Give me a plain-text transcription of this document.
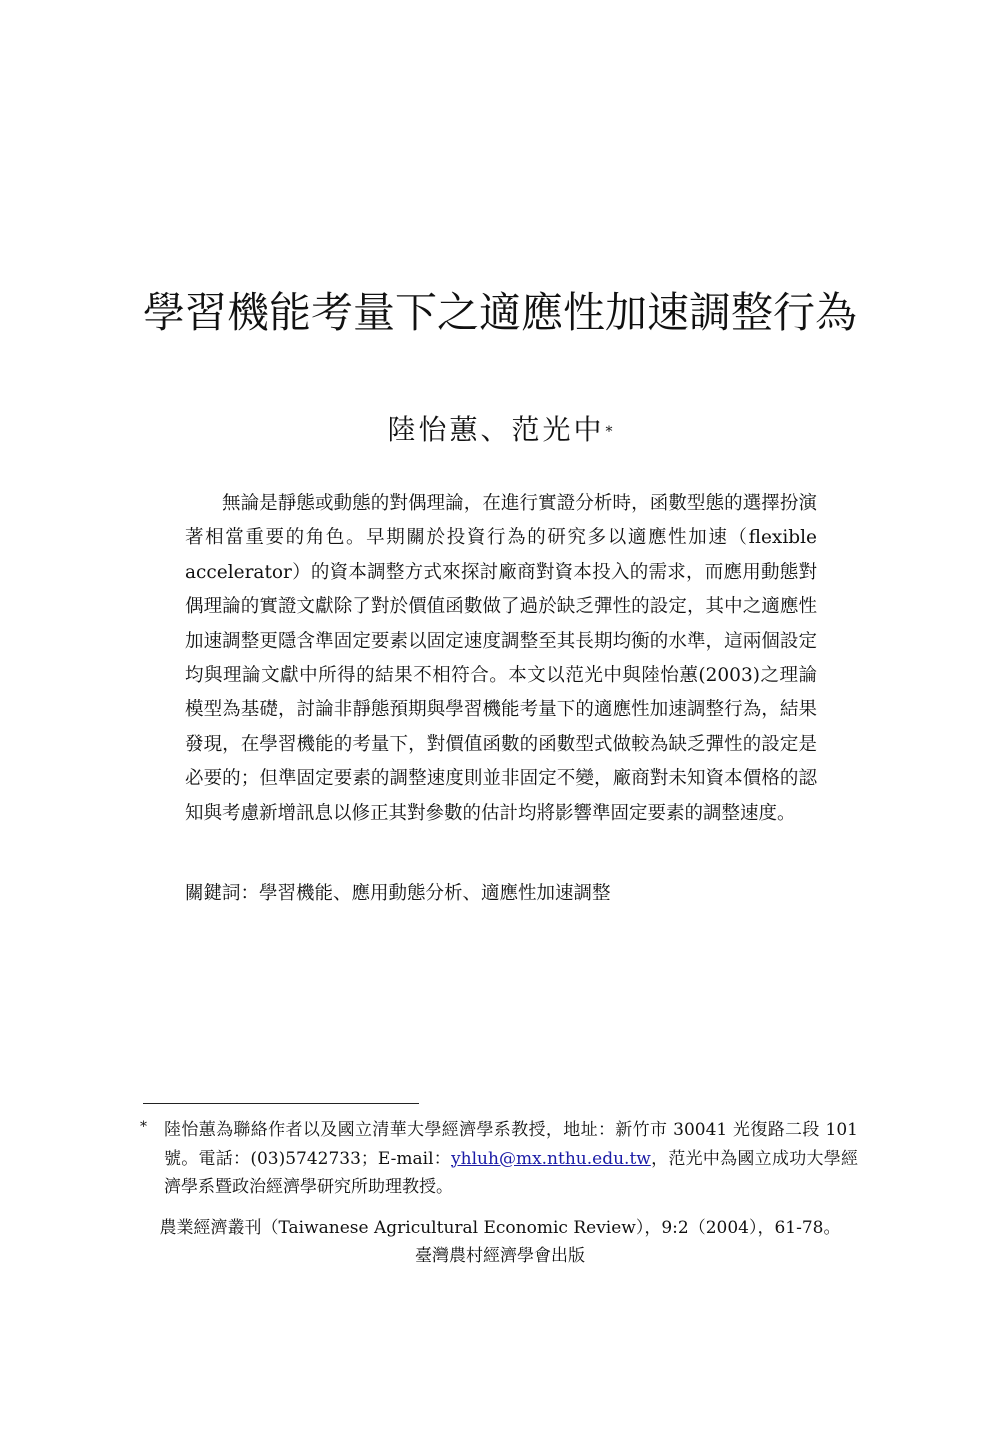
學習機能考量下之適應性加速調整行為
陸怡蕙、范光中*

無論是靜態或動態的對偶理論，在進行實證分析時，函數型態的選擇扮演著相當重要的角色。早期關於投資行為的研究多以適應性加速（flexible accelerator）的資本調整方式來探討廠商對資本投入的需求，而應用動態對偶理論的實證文獻除了對於價值函數做了過於缺乏彈性的設定，其中之適應性加速調整更隱含準固定要素以固定速度調整至其長期均衡的水準，這兩個設定均與理論文獻中所得的結果不相符合。本文以范光中與陸怡蕙(2003)之理論模型為基礎，討論非靜態預期與學習機能考量下的適應性加速調整行為，結果發現，在學習機能的考量下，對價值函數的函數型式做較為缺乏彈性的設定是必要的；但準固定要素的調整速度則並非固定不變，廠商對未知資本價格的認知與考慮新增訊息以修正其對參數的估計均將影響準固定要素的調整速度。

關鍵詞：學習機能、應用動態分析、適應性加速調整

* 陸怡蕙為聯絡作者以及國立清華大學經濟學系教授，地址：新竹市 30041 光復路二段 101 號。電話：(03)5742733；E-mail：yhluh@mx.nthu.edu.tw，范光中為國立成功大學經濟學系暨政治經濟學研究所助理教授。
農業經濟叢刊（Taiwanese Agricultural Economic Review），9:2（2004），61-78。
臺灣農村經濟學會出版
